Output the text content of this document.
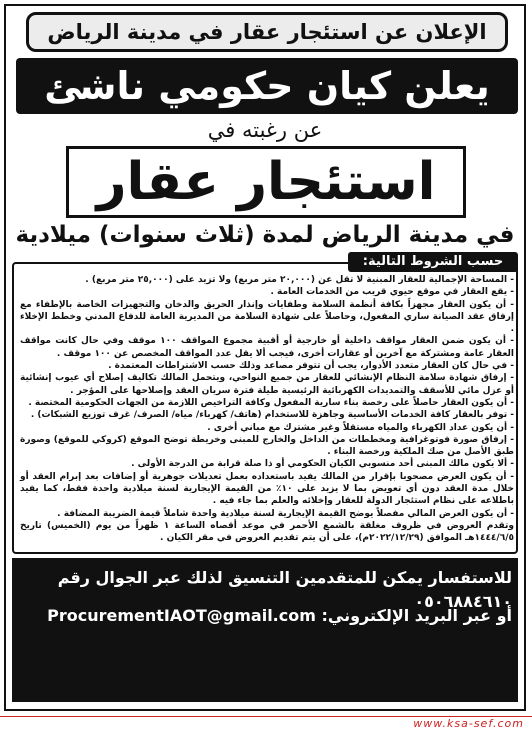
الإعلان عن استئجار عقار في مدينة الرياض
يعلن كيان حكومي ناشئ
عن رغبته في
استئجار عقار
في مدينة الرياض لمدة (ثلاث سنوات) ميلادية
حسب الشروط التالية:
- المساحة الإجمالية للعقار المبنية لا تقل عن (٢٠,٠٠٠ متر مربع) ولا تزيد على (٢٥,٠٠٠ متر مربع) .
- يقع العقار في موقع حيوي قريب من الخدمات العامة .
- أن يكون العقار مجهزاً بكافة أنظمة السلامة وطفايات وإنذار الحريق والدخان والتجهيزات الخاصة بالإطفاء مع إرفاق عقد الصيانة ساري المفعول، وحاصلاً على شهادة السلامة من المديرية العامة للدفاع المدني وخطط الإخلاء .
- أن يكون ضمن العقار مواقف داخلية أو خارجية أو أقبية مجموع المواقف ١٠٠ موقف وفي حال كانت مواقف العقار عامة ومشتركة مع آخرين أو عقارات أخرى، فيجب ألا يقل عدد المواقف المخصص عن ١٠٠ موقف .
- في حال كان العقار متعدد الأدوار، يجب أن تتوفر مصاعد وذلك حسب الاشتراطات المعتمدة .
- إرفاق شهادة سلامة النظام الإنشائي للعقار من جميع النواحي، ويتحمل المالك تكاليف إصلاح أي عيوب إنشائية أو عزل مائي للأسقف والتمديدات الكهربائية الرئيسية طيلة فترة سريان العقد وإصلاحها على المؤجر .
- أن يكون العقار حاصلاً على رخصة بناء سارية المفعول وكافة التراخيص اللازمة من الجهات الحكومية المختصة .
- توفر بالعقار كافة الخدمات الأساسية وجاهزة للاستخدام (هاتف/ كهرباء/ مياه/ الصرف/ غرف توزيع الشبكات) .
- أن يكون عداد الكهرباء والمياه مستقلاً وغير مشترك مع مباني أخرى .
- إرفاق صورة فوتوغرافية ومخططات من الداخل والخارج للمبنى وخريطة توضح الموقع (كروكي للموقع) وصورة طبق الأصل من صك الملكية ورخصة البناء .
- ألا يكون مالك المبنى أحد منسوبي الكيان الحكومي أو ذا صلة قرابة من الدرجة الأولى .
- أن يكون العرض مصحوبا بإقرار من المالك يفيد باستعداده بعمل تعديلات جوهرية أو إضافات بعد إبرام العقد أو خلال مدة العقد دون أي تعويض بما لا يزيد على ١٠٪ من القيمة الإيجارية لسنة ميلادية واحدة فقط، كما يفيد باطلاعه على نظام استئجار الدولة للعقار وإخلائه والعلم بما جاء فيه .
- أن يكون العرض المالي مفصلاً يوضح القيمة الإيجارية لسنة ميلادية واحدة شاملاً قيمة الضريبة المضافة .
وتقدم العروض في ظروف مغلقة بالشمع الأحمر في موعد أقصاه الساعة ١ ظهراً من يوم (الخميس) تاريخ ١٤٤٤/٦/٥هـ الموافق (٢٠٢٢/١٢/٢٩م)، على أن يتم تقديم العروض في مقر الكيان .
للاستفسار يمكن للمتقدمين التنسيق لذلك عبر الجوال رقم ٠٥٠٦٨٨٤٦١٠
أو عبر البريد الإلكتروني: ProcurementIAOT@gmail.com
www.ksa-sef.com
